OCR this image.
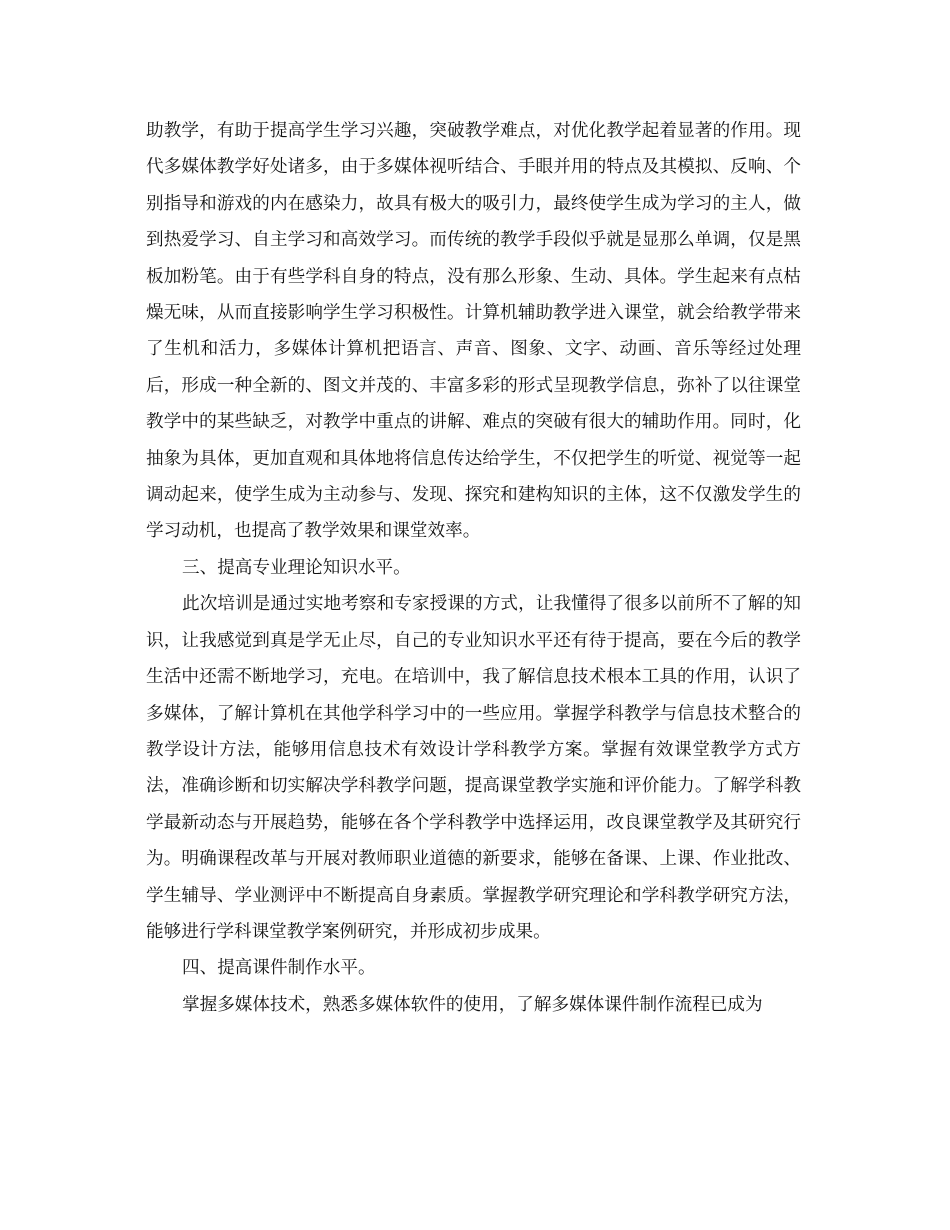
助教学，有助于提高学生学习兴趣，突破教学难点，对优化教学起着显著的作用。现代多媒体教学好处诸多，由于多媒体视听结合、手眼并用的特点及其模拟、反响、个别指导和游戏的内在感染力，故具有极大的吸引力，最终使学生成为学习的主人，做到热爱学习、自主学习和高效学习。而传统的教学手段似乎就是显那么单调，仅是黑板加粉笔。由于有些学科自身的特点，没有那么形象、生动、具体。学生起来有点枯燥无味，从而直接影响学生学习积极性。计算机辅助教学进入课堂，就会给教学带来了生机和活力，多媒体计算机把语言、声音、图象、文字、动画、音乐等经过处理后，形成一种全新的、图文并茂的、丰富多彩的形式呈现教学信息，弥补了以往课堂教学中的某些缺乏，对教学中重点的讲解、难点的突破有很大的辅助作用。同时，化抽象为具体，更加直观和具体地将信息传达给学生，不仅把学生的听觉、视觉等一起调动起来，使学生成为主动参与、发现、探究和建构知识的主体，这不仅激发学生的学习动机，也提高了教学效果和课堂效率。

三、提高专业理论知识水平。

此次培训是通过实地考察和专家授课的方式，让我懂得了很多以前所不了解的知识，让我感觉到真是学无止尽，自己的专业知识水平还有待于提高，要在今后的教学生活中还需不断地学习，充电。在培训中，我了解信息技术根本工具的作用，认识了多媒体，了解计算机在其他学科学习中的一些应用。掌握学科教学与信息技术整合的教学设计方法，能够用信息技术有效设计学科教学方案。掌握有效课堂教学方式方法，准确诊断和切实解决学科教学问题，提高课堂教学实施和评价能力。了解学科教学最新动态与开展趋势，能够在各个学科教学中选择运用，改良课堂教学及其研究行为。明确课程改革与开展对教师职业道德的新要求，能够在备课、上课、作业批改、学生辅导、学业测评中不断提高自身素质。掌握教学研究理论和学科教学研究方法，能够进行学科课堂教学案例研究，并形成初步成果。

四、提高课件制作水平。

掌握多媒体技术，熟悉多媒体软件的使用，了解多媒体课件制作流程已成为
